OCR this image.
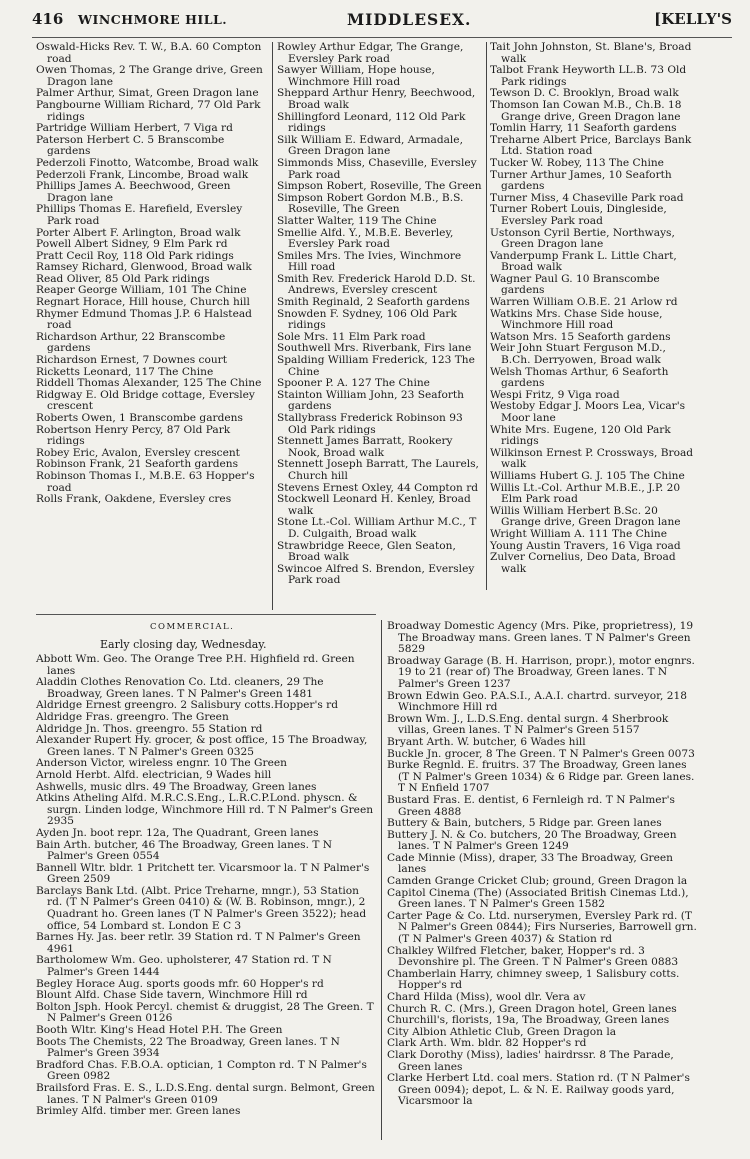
416 WINCHMORE HILL.	MIDDLESEX.	[KELLY'S

Oswald-Hicks Rev. T. W., B.A. 60 Compton road

Owen Thomas, 2 The Grange drive, Green Dragon lane

Palmer Arthur, Simat, Green Dragon lane

Pangbourne William Richard, 77 Old Park ridings

Partridge William Herbert, 7 Viga rd

Paterson Herbert C. 5 Branscombe gardens

Pederzoli Finotto, Watcombe, Broad walk

Pederzoli Frank, Lincombe, Broad walk

Phillips James A. Beechwood, Green Dragon lane

Phillips Thomas E. Harefield, Eversley Park road

Porter Albert F. Arlington, Broad walk

Powell Albert Sidney, 9 Elm Park rd

Pratt Cecil Roy, 118 Old Park ridings

Ramsey Richard, Glenwood, Broad walk

Read Oliver, 85 Old Park ridings

Reaper George William, 101 The Chine

Regnart Horace, Hill house, Church hill

Rhymer Edmund Thomas J.P. 6 Halstead road

Richardson Arthur, 22 Branscombe gardens

Richardson Ernest, 7 Downes court

Ricketts Leonard, 117 The Chine

Riddell Thomas Alexander, 125 The Chine

Ridgway E. Old Bridge cottage, Eversley crescent

Roberts Owen, 1 Branscombe gardens

Robertson Henry Percy, 87 Old Park ridings

Robey Eric, Avalon, Eversley crescent

Robinson Frank, 21 Seaforth gardens

Robinson Thomas I., M.B.E. 63 Hopper's road

Rolls Frank, Oakdene, Eversley cres

Rowley Arthur Edgar, The Grange, Eversley Park road

Sawyer William, Hope house, Winchmore Hill road

Sheppard Arthur Henry, Beechwood, Broad walk

Shillingford Leonard, 112 Old Park ridings

Silk William E. Edward, Armadale, Green Dragon lane

Simmonds Miss, Chaseville, Eversley Park road

Simpson Robert, Roseville, The Green

Simpson Robert Gordon M.B., B.S. Roseville, The Green

Slatter Walter, 119 The Chine

Smellie Alfd. Y., M.B.E. Beverley, Eversley Park road

Smiles Mrs. The Ivies, Winchmore Hill road

Smith Rev. Frederick Harold D.D. St. Andrews, Eversley crescent

Smith Reginald, 2 Seaforth gardens

Snowden F. Sydney, 106 Old Park ridings

Sole Mrs. 11 Elm Park road

Southwell Mrs. Riverbank, Firs lane

Spalding William Frederick, 123 The Chine

Spooner P. A. 127 The Chine

Stainton William John, 23 Seaforth gardens

Stallybrass Frederick Robinson 93 Old Park ridings

Stennett James Barratt, Rookery Nook, Broad walk

Stennett Joseph Barratt, The Laurels, Church hill

Stevens Ernest Oxley, 44 Compton rd

Stockwell Leonard H. Kenley, Broad walk

Stone Lt.-Col. William Arthur M.C., T D. Culgaith, Broad walk

Strawbridge Reece, Glen Seaton, Broad walk

Swincoe Alfred S. Brendon, Eversley Park road

Tait John Johnston, St. Blane's, Broad walk

Talbot Frank Heyworth LL.B. 73 Old Park ridings

Tewson D. C. Brooklyn, Broad walk

Thomson Ian Cowan M.B., Ch.B. 18 Grange drive, Green Dragon lane

Tomlin Harry, 11 Seaforth gardens

Treharne Albert Price, Barclays Bank Ltd. Station road

Tucker W. Robey, 113 The Chine

Turner Arthur James, 10 Seaforth gardens

Turner Miss, 4 Chaseville Park road

Turner Robert Louis, Dingleside, Eversley Park road

Ustonson Cyril Bertie, Northways, Green Dragon lane

Vanderpump Frank L. Little Chart, Broad walk

Wagner Paul G. 10 Branscombe gardens

Warren William O.B.E. 21 Arlow rd

Watkins Mrs. Chase Side house, Winchmore Hill road

Watson Mrs. 15 Seaforth gardens

Weir John Stuart Ferguson M.D., B.Ch. Derryowen, Broad walk

Welsh Thomas Arthur, 6 Seaforth gardens

Wespi Fritz, 9 Viga road

Westoby Edgar J. Moors Lea, Vicar's Moor lane

White Mrs. Eugene, 120 Old Park ridings

Wilkinson Ernest P. Crossways, Broad walk

Williams Hubert G. J. 105 The Chine

Willis Lt.-Col. Arthur M.B.E., J.P. 20 Elm Park road

Willis William Herbert B.Sc. 20 Grange drive, Green Dragon lane

Wright William A. 111 The Chine

Young Austin Travers, 16 Viga road

Zulver Cornelius, Deo Data, Broad walk

COMMERCIAL.
Early closing day, Wednesday.

Abbott Wm. Geo. The Orange Tree P.H. Highfield rd. Green lanes

Aladdin Clothes Renovation Co. Ltd. cleaners, 29 The Broadway, Green lanes. T N Palmer's Green 1481

Aldridge Ernest greengro. 2 Salisbury cotts.Hopper's rd

Aldridge Fras. greengro. The Green

Aldridge Jn. Thos. greengro. 55 Station rd

Alexander Rupert Hy. grocer, & post office, 15 The Broadway, Green lanes. T N Palmer's Green 0325

Anderson Victor, wireless engnr. 10 The Green

Arnold Herbt. Alfd. electrician, 9 Wades hill

Ashwells, music dlrs. 49 The Broadway, Green lanes

Atkins Atheling Alfd. M.R.C.S.Eng., L.R.C.P.Lond. physcn. & surgn. Linden lodge, Winchmore Hill rd. T N Palmer's Green 2935

Ayden Jn. boot repr. 12a, The Quadrant, Green lanes

Bain Arth. butcher, 46 The Broadway, Green lanes. T N Palmer's Green 0554

Bannell Wltr. bldr. 1 Pritchett ter. Vicarsmoor la. T N Palmer's Green 2509

Barclays Bank Ltd. (Albt. Price Treharne, mngr.), 53 Station rd. (T N Palmer's Green 0410) & (W. B. Robinson, mngr.), 2 Quadrant ho. Green lanes (T N Palmer's Green 3522); head office, 54 Lombard st. London E C 3

Barnes Hy. Jas. beer retlr. 39 Station rd. T N Palmer's Green 4961

Bartholomew Wm. Geo. upholsterer, 47 Station rd. T N Palmer's Green 1444

Begley Horace Aug. sports goods mfr. 60 Hopper's rd

Blount Alfd. Chase Side tavern, Winchmore Hill rd

Bolton Jsph. Hook Percyl. chemist & druggist, 28 The Green. T N Palmer's Green 0126

Booth Wltr. King's Head Hotel P.H. The Green

Boots The Chemists, 22 The Broadway, Green lanes. T N Palmer's Green 3934

Bradford Chas. F.B.O.A. optician, 1 Compton rd. T N Palmer's Green 0982

Brailsford Fras. E. S., L.D.S.Eng. dental surgn. Belmont, Green lanes. T N Palmer's Green 0109

Brimley Alfd. timber mer. Green lanes

Broadway Domestic Agency (Mrs. Pike, proprietress), 19 The Broadway mans. Green lanes. T N Palmer's Green 5829

Broadway Garage (B. H. Harrison, propr.), motor engnrs. 19 to 21 (rear of) The Broadway, Green lanes. T N Palmer's Green 1237

Brown Edwin Geo. P.A.S.I., A.A.I. chartrd. surveyor, 218 Winchmore Hill rd

Brown Wm. J., L.D.S.Eng. dental surgn. 4 Sherbrook villas, Green lanes. T N Palmer's Green 5157

Bryant Arth. W. butcher, 6 Wades hill

Buckle Jn. grocer, 8 The Green. T N Palmer's Green 0073

Burke Regnld. E. fruitrs. 37 The Broadway, Green lanes (T N Palmer's Green 1034) & 6 Ridge par. Green lanes. T N Enfield 1707

Bustard Fras. E. dentist, 6 Fernleigh rd. T N Palmer's Green 4888

Buttery & Bain, butchers, 5 Ridge par. Green lanes

Buttery J. N. & Co. butchers, 20 The Broadway, Green lanes. T N Palmer's Green 1249

Cade Minnie (Miss), draper, 33 The Broadway, Green lanes

Camden Grange Cricket Club; ground, Green Dragon la

Capitol Cinema (The) (Associated British Cinemas Ltd.), Green lanes. T N Palmer's Green 1582

Carter Page & Co. Ltd. nurserymen, Eversley Park rd. (T N Palmer's Green 0844); Firs Nurseries, Barrowell grn. (T N Palmer's Green 4037) & Station rd

Chalkley Wilfred Fletcher, baker, Hopper's rd. 3 Devonshire pl. The Green. T N Palmer's Green 0883

Chamberlain Harry, chimney sweep, 1 Salisbury cotts. Hopper's rd

Chard Hilda (Miss), wool dlr. Vera av

Church R. C. (Mrs.), Green Dragon hotel, Green lanes

Churchill's, florists, 19a, The Broadway, Green lanes

City Albion Athletic Club, Green Dragon la

Clark Arth. Wm. bldr. 82 Hopper's rd

Clark Dorothy (Miss), ladies' hairdrssr. 8 The Parade, Green lanes

Clarke Herbert Ltd. coal mers. Station rd. (T N Palmer's Green 0094); depot, L. & N. E. Railway goods yard, Vicarsmoor la
